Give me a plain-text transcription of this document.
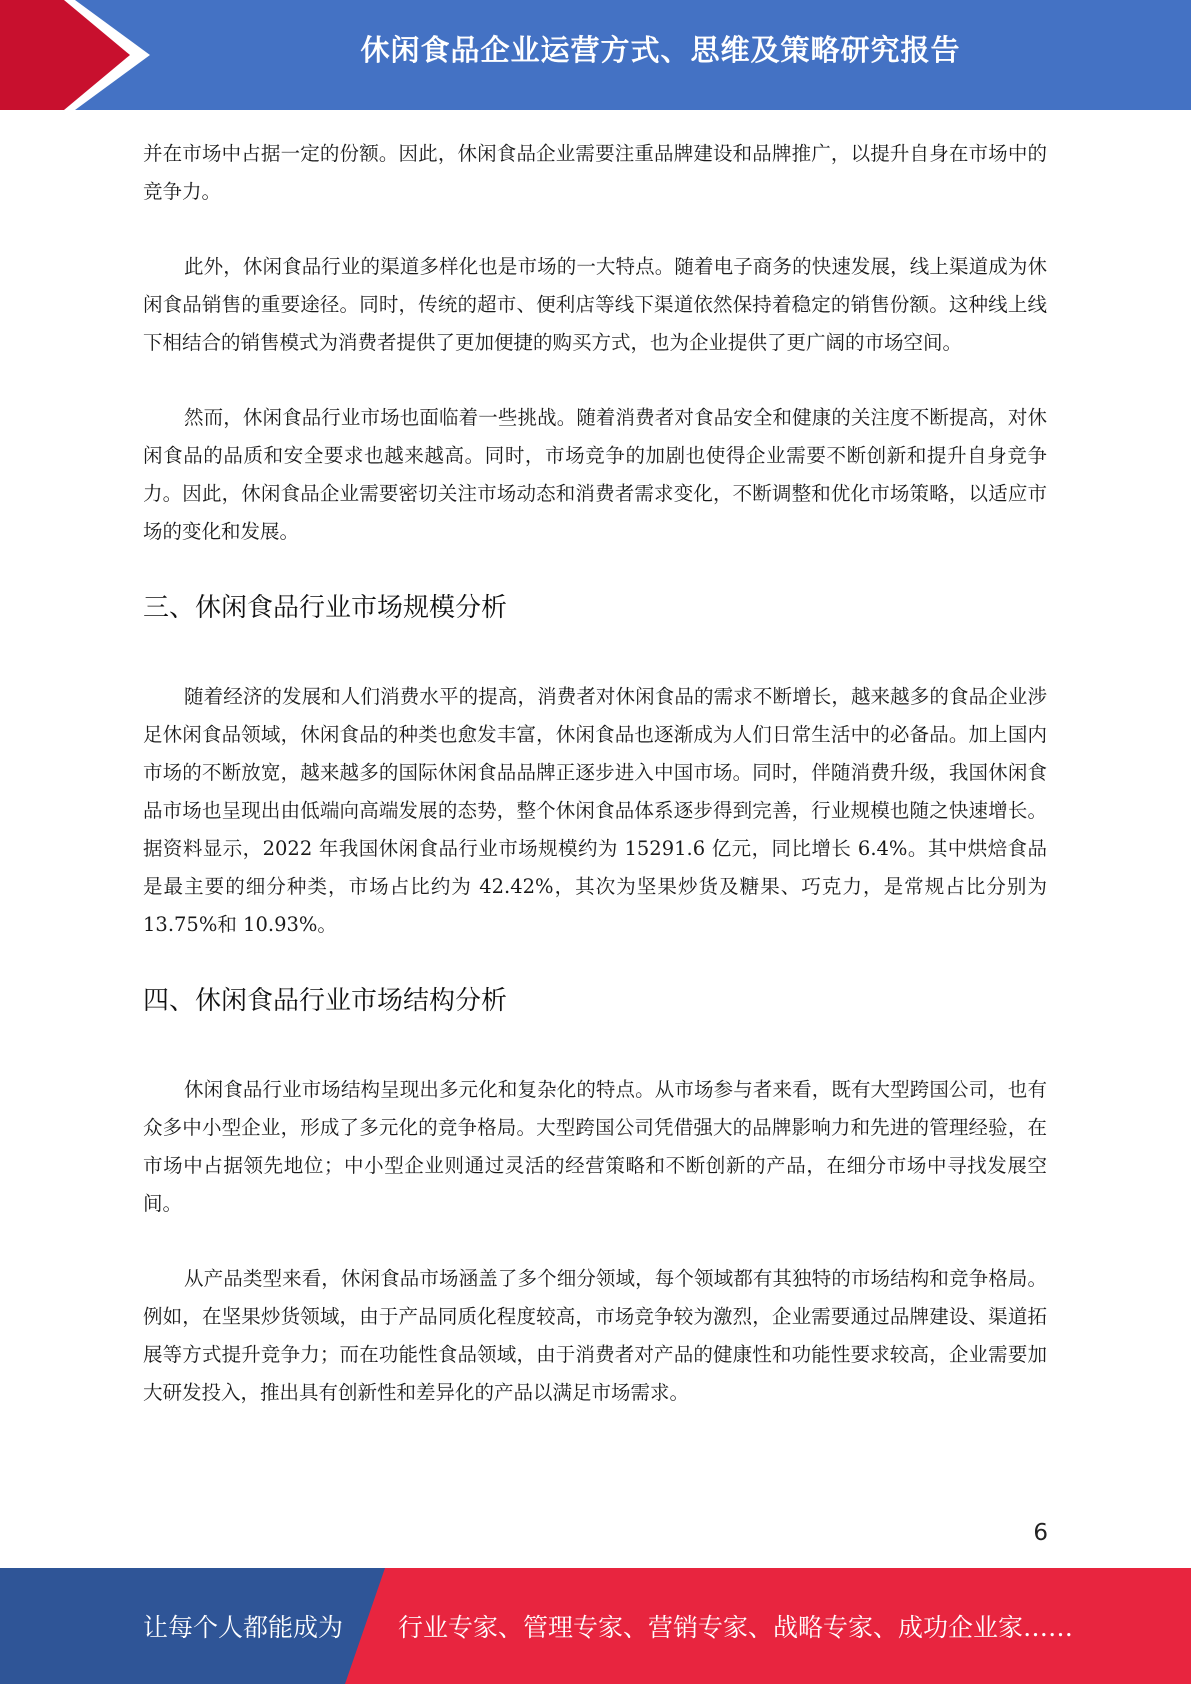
休闲食品企业运营方式、思维及策略研究报告

并在市场中占据一定的份额。因此，休闲食品企业需要注重品牌建设和品牌推广，以提升自身在市场中的竞争力。

此外，休闲食品行业的渠道多样化也是市场的一大特点。随着电子商务的快速发展，线上渠道成为休闲食品销售的重要途径。同时，传统的超市、便利店等线下渠道依然保持着稳定的销售份额。这种线上线下相结合的销售模式为消费者提供了更加便捷的购买方式，也为企业提供了更广阔的市场空间。

然而，休闲食品行业市场也面临着一些挑战。随着消费者对食品安全和健康的关注度不断提高，对休闲食品的品质和安全要求也越来越高。同时，市场竞争的加剧也使得企业需要不断创新和提升自身竞争力。因此，休闲食品企业需要密切关注市场动态和消费者需求变化，不断调整和优化市场策略，以适应市场的变化和发展。

三、休闲食品行业市场规模分析

随着经济的发展和人们消费水平的提高，消费者对休闲食品的需求不断增长，越来越多的食品企业涉足休闲食品领域，休闲食品的种类也愈发丰富，休闲食品也逐渐成为人们日常生活中的必备品。加上国内市场的不断放宽，越来越多的国际休闲食品品牌正逐步进入中国市场。同时，伴随消费升级，我国休闲食品市场也呈现出由低端向高端发展的态势，整个休闲食品体系逐步得到完善，行业规模也随之快速增长。据资料显示，2022 年我国休闲食品行业市场规模约为 15291.6 亿元，同比增长 6.4%。其中烘焙食品是最主要的细分种类，市场占比约为 42.42%，其次为坚果炒货及糖果、巧克力，是常规占比分别为 13.75%和 10.93%。

四、休闲食品行业市场结构分析

休闲食品行业市场结构呈现出多元化和复杂化的特点。从市场参与者来看，既有大型跨国公司，也有众多中小型企业，形成了多元化的竞争格局。大型跨国公司凭借强大的品牌影响力和先进的管理经验，在市场中占据领先地位；中小型企业则通过灵活的经营策略和不断创新的产品，在细分市场中寻找发展空间。

从产品类型来看，休闲食品市场涵盖了多个细分领域，每个领域都有其独特的市场结构和竞争格局。例如，在坚果炒货领域，由于产品同质化程度较高，市场竞争较为激烈，企业需要通过品牌建设、渠道拓展等方式提升竞争力；而在功能性食品领域，由于消费者对产品的健康性和功能性要求较高，企业需要加大研发投入，推出具有创新性和差异化的产品以满足市场需求。

6
让每个人都能成为 行业专家、管理专家、营销专家、战略专家、成功企业家……
